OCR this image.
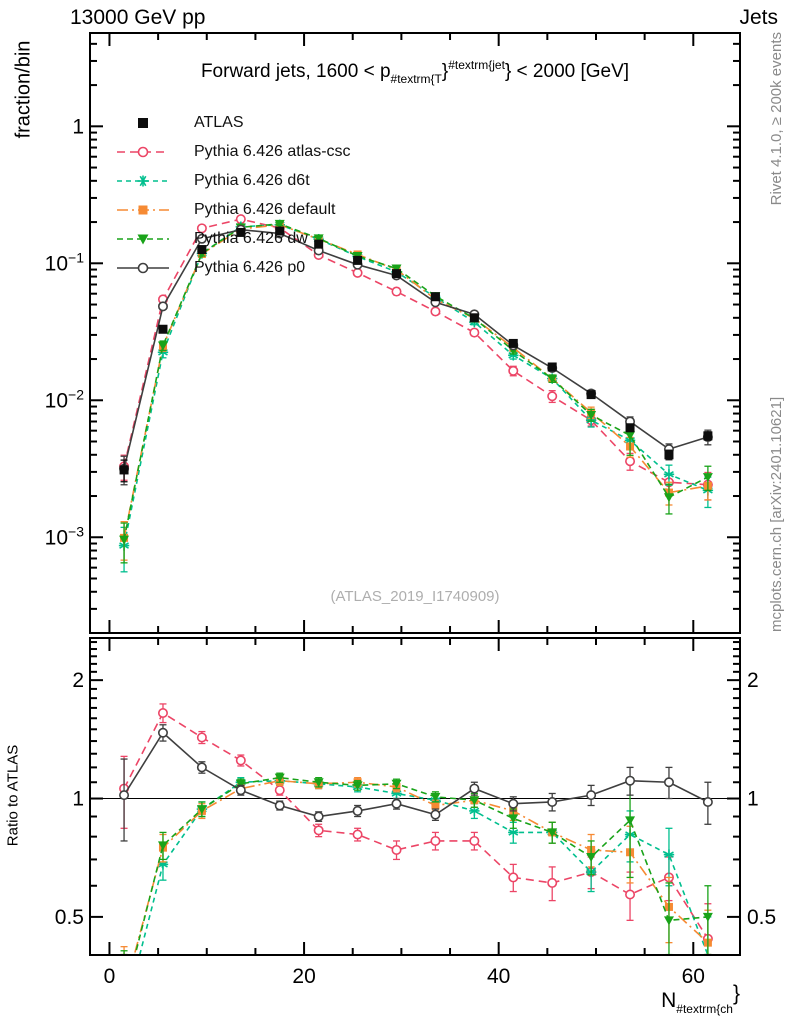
0	20	40	60
$10^{-3}$
$10^{-2}$
$10^{-1}$
1
2	2
1	1
0.5	0.5
13000 GeV pp	Jets
fraction/bin
Ratio to ATLAS
Rivet 4.1.0, ≥ 200k events
mcplots.cern.ch [arXiv:2401.10621]
Forward jets, $1600 < p_{\#textrm\{T}\}^{\#textrm\{jet}\} < 2000$ [GeV]
ATLAS
Pythia 6.426 atlas-csc
Pythia 6.426 d6t
Pythia 6.426 default
Pythia 6.426 dw
Pythia 6.426 p0
(ATLAS_2019_I1740909)
$N_{\#textrm\{ch}$}
